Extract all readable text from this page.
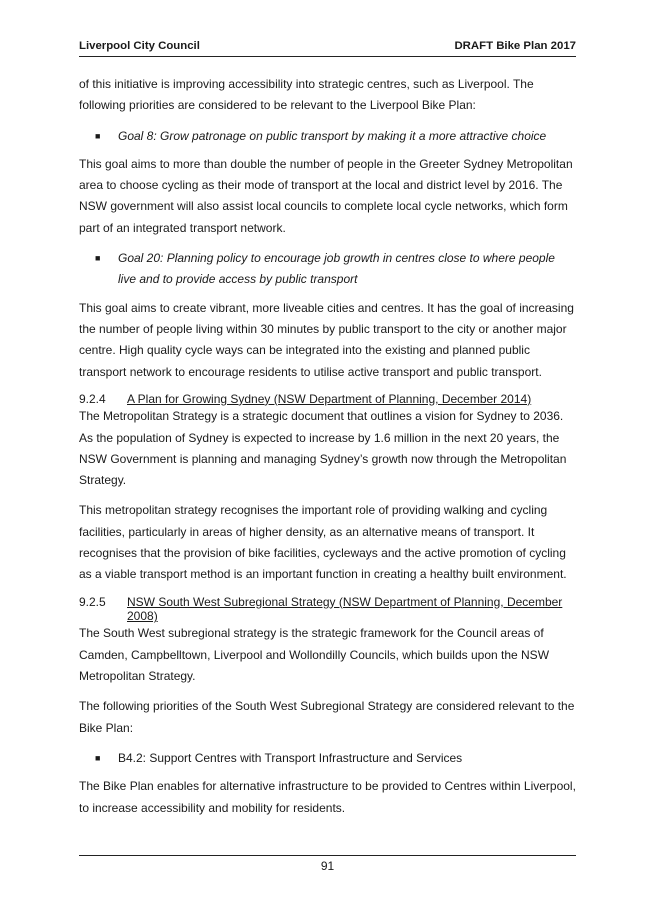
Liverpool City Council	DRAFT Bike Plan 2017

of this initiative is improving accessibility into strategic centres, such as Liverpool. The following priorities are considered to be relevant to the Liverpool Bike Plan:

■ Goal 8: Grow patronage on public transport by making it a more attractive choice

This goal aims to more than double the number of people in the Greeter Sydney Metropolitan area to choose cycling as their mode of transport at the local and district level by 2016. The NSW government will also assist local councils to complete local cycle networks, which form part of an integrated transport network.

■ Goal 20: Planning policy to encourage job growth in centres close to where people live and to provide access by public transport

This goal aims to create vibrant, more liveable cities and centres. It has the goal of increasing the number of people living within 30 minutes by public transport to the city or another major centre. High quality cycle ways can be integrated into the existing and planned public transport network to encourage residents to utilise active transport and public transport.

9.2.4 A Plan for Growing Sydney (NSW Department of Planning, December 2014)

The Metropolitan Strategy is a strategic document that outlines a vision for Sydney to 2036. As the population of Sydney is expected to increase by 1.6 million in the next 20 years, the NSW Government is planning and managing Sydney’s growth now through the Metropolitan Strategy.

This metropolitan strategy recognises the important role of providing walking and cycling facilities, particularly in areas of higher density, as an alternative means of transport. It recognises that the provision of bike facilities, cycleways and the active promotion of cycling as a viable transport method is an important function in creating a healthy built environment.

9.2.5 NSW South West Subregional Strategy (NSW Department of Planning, December 2008)

The South West subregional strategy is the strategic framework for the Council areas of Camden, Campbelltown, Liverpool and Wollondilly Councils, which builds upon the NSW Metropolitan Strategy.

The following priorities of the South West Subregional Strategy are considered relevant to the Bike Plan:

■ B4.2: Support Centres with Transport Infrastructure and Services

The Bike Plan enables for alternative infrastructure to be provided to Centres within Liverpool, to increase accessibility and mobility for residents.

91
